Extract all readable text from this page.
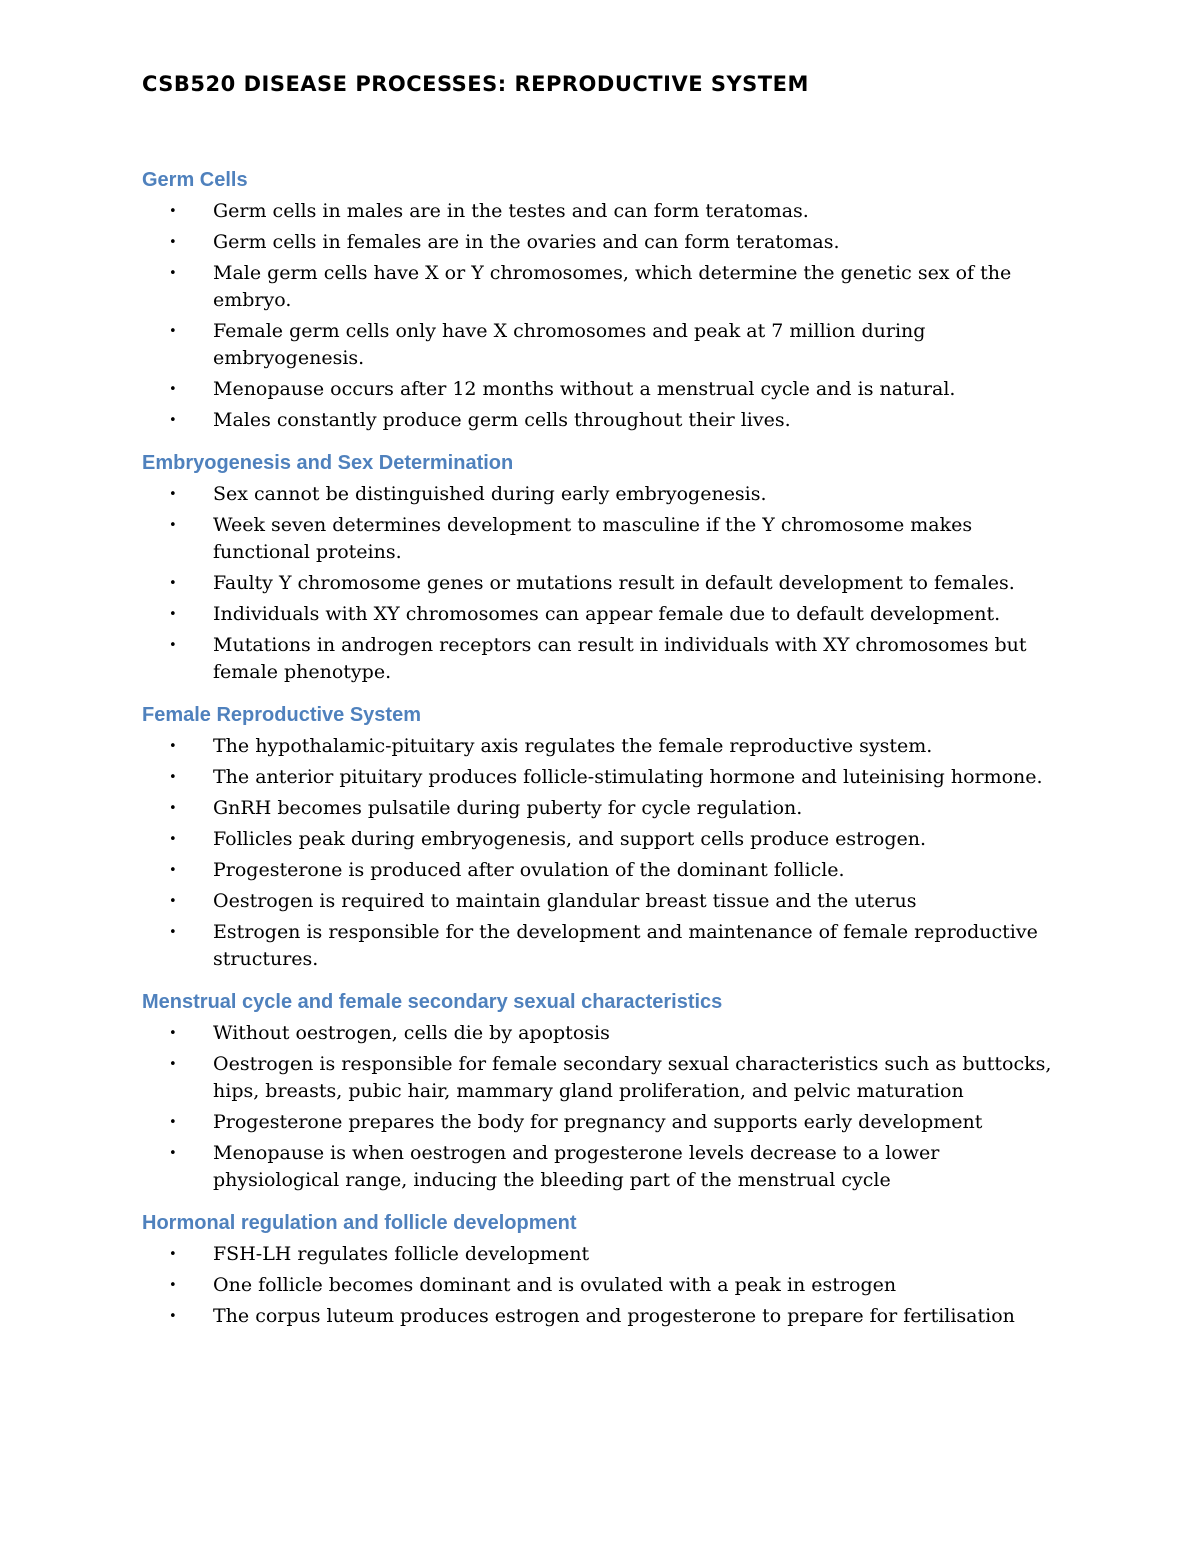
CSB520 DISEASE PROCESSES: REPRODUCTIVE SYSTEM
Germ Cells
• Germ cells in males are in the testes and can form teratomas.
• Germ cells in females are in the ovaries and can form teratomas.
• Male germ cells have X or Y chromosomes, which determine the genetic sex of the embryo.
• Female germ cells only have X chromosomes and peak at 7 million during embryogenesis.
• Menopause occurs after 12 months without a menstrual cycle and is natural.
• Males constantly produce germ cells throughout their lives.
Embryogenesis and Sex Determination
• Sex cannot be distinguished during early embryogenesis.
• Week seven determines development to masculine if the Y chromosome makes functional proteins.
• Faulty Y chromosome genes or mutations result in default development to females.
• Individuals with XY chromosomes can appear female due to default development.
• Mutations in androgen receptors can result in individuals with XY chromosomes but female phenotype.
Female Reproductive System
• The hypothalamic-pituitary axis regulates the female reproductive system.
• The anterior pituitary produces follicle-stimulating hormone and luteinising hormone.
• GnRH becomes pulsatile during puberty for cycle regulation.
• Follicles peak during embryogenesis, and support cells produce estrogen.
• Progesterone is produced after ovulation of the dominant follicle.
• Oestrogen is required to maintain glandular breast tissue and the uterus
• Estrogen is responsible for the development and maintenance of female reproductive structures.
Menstrual cycle and female secondary sexual characteristics
• Without oestrogen, cells die by apoptosis
• Oestrogen is responsible for female secondary sexual characteristics such as buttocks, hips, breasts, pubic hair, mammary gland proliferation, and pelvic maturation
• Progesterone prepares the body for pregnancy and supports early development
• Menopause is when oestrogen and progesterone levels decrease to a lower physiological range, inducing the bleeding part of the menstrual cycle
Hormonal regulation and follicle development
• FSH-LH regulates follicle development
• One follicle becomes dominant and is ovulated with a peak in estrogen
• The corpus luteum produces estrogen and progesterone to prepare for fertilisation
